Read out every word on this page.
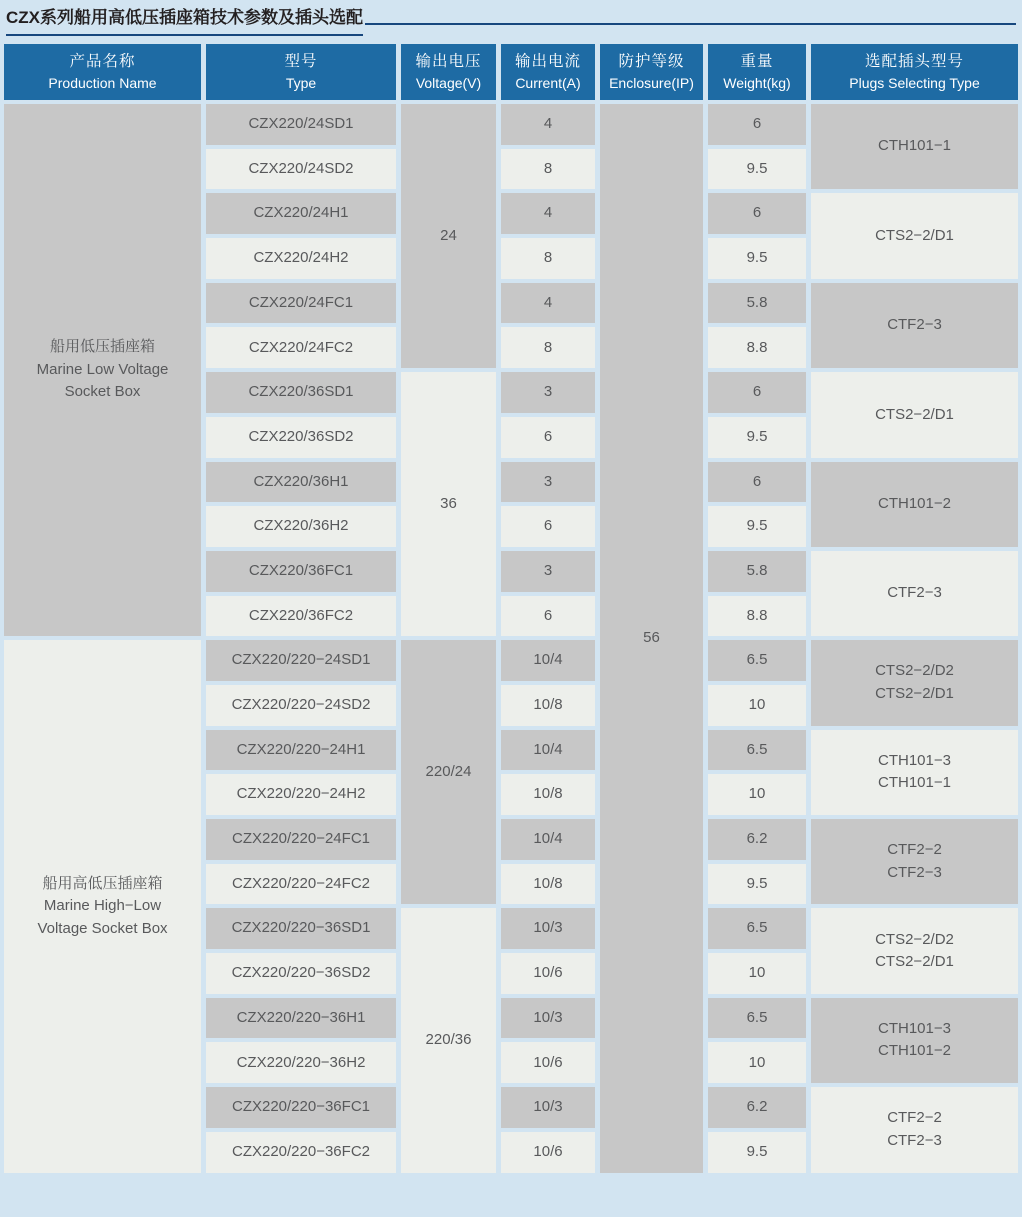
CZX系列船用高低压插座箱技术参数及插头选配
产品名称
Production Name
型号
Type
输出电压
Voltage(V)
输出电流
Current(A)
防护等级
Enclosure(IP)
重量
Weight(kg)
选配插头型号
Plugs Selecting Type
船用低压插座箱
Marine Low Voltage
Socket Box
船用高低压插座箱
Marine High−Low
Voltage Socket Box
CZX220/24SD1
CZX220/24SD2
CZX220/24H1
CZX220/24H2
CZX220/24FC1
CZX220/24FC2
CZX220/36SD1
CZX220/36SD2
CZX220/36H1
CZX220/36H2
CZX220/36FC1
CZX220/36FC2
CZX220/220−24SD1
CZX220/220−24SD2
CZX220/220−24H1
CZX220/220−24H2
CZX220/220−24FC1
CZX220/220−24FC2
CZX220/220−36SD1
CZX220/220−36SD2
CZX220/220−36H1
CZX220/220−36H2
CZX220/220−36FC1
CZX220/220−36FC2
24
36
220/24
220/36
4
8
4
8
4
8
3
6
3
6
3
6
10/4
10/8
10/4
10/8
10/4
10/8
10/3
10/6
10/3
10/6
10/3
10/6
56
6
9.5
6
9.5
5.8
8.8
6
9.5
6
9.5
5.8
8.8
6.5
10
6.5
10
6.2
9.5
6.5
10
6.5
10
6.2
9.5
CTH101−1
CTS2−2/D1
CTF2−3
CTS2−2/D1
CTH101−2
CTF2−3
CTS2−2/D2
CTS2−2/D1
CTH101−3
CTH101−1
CTF2−2
CTF2−3
CTS2−2/D2
CTS2−2/D1
CTH101−3
CTH101−2
CTF2−2
CTF2−3
